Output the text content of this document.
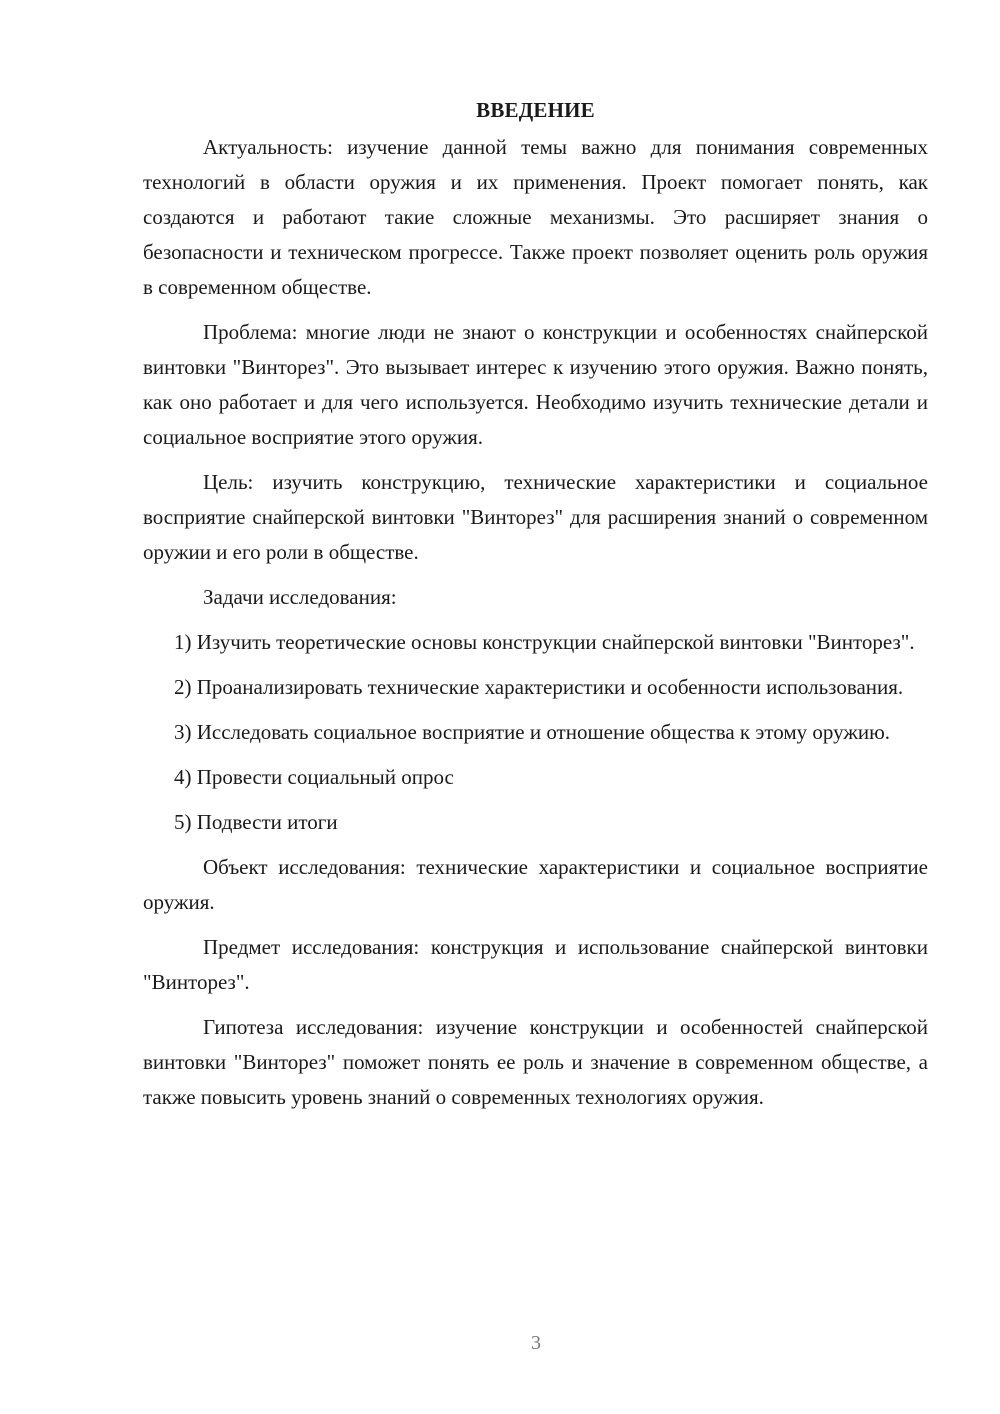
ВВЕДЕНИЕ

Актуальность: изучение данной темы важно для понимания современных технологий в области оружия и их применения. Проект помогает понять, как создаются и работают такие сложные механизмы. Это расширяет знания о безопасности и техническом прогрессе. Также проект позволяет оценить роль оружия в современном обществе.

Проблема: многие люди не знают о конструкции и особенностях снайперской винтовки "Винторез". Это вызывает интерес к изучению этого оружия. Важно понять, как оно работает и для чего используется. Необходимо изучить технические детали и социальное восприятие этого оружия.

Цель: изучить конструкцию, технические характеристики и социальное восприятие снайперской винтовки "Винторез" для расширения знаний о современном оружии и его роли в обществе.

Задачи исследования:

1) Изучить теоретические основы конструкции снайперской винтовки "Винторез".

2) Проанализировать технические характеристики и особенности использования.

3) Исследовать социальное восприятие и отношение общества к этому оружию.

4) Провести социальный опрос

5) Подвести итоги

Объект исследования: технические характеристики и социальное восприятие оружия.

Предмет исследования: конструкция и использование снайперской винтовки "Винторез".

Гипотеза исследования: изучение конструкции и особенностей снайперской винтовки "Винторез" поможет понять ее роль и значение в современном обществе, а также повысить уровень знаний о современных технологиях оружия.

3
